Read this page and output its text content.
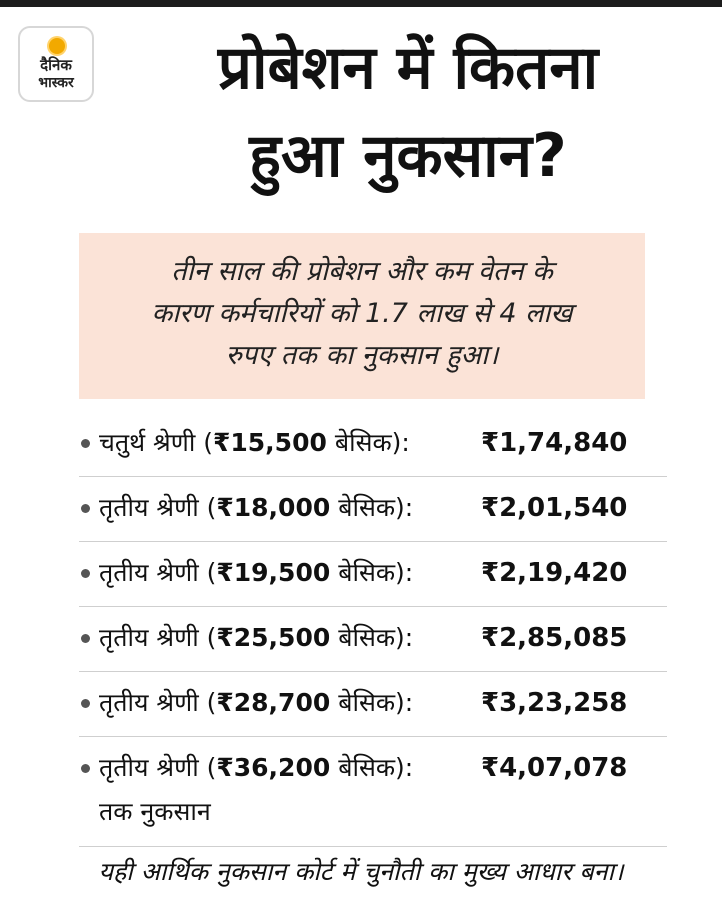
दैनिक
भास्कर	प्रोबेशन में कितना
हुआ नुकसान?
तीन साल की प्रोबेशन और कम वेतन के
कारण कर्मचारियों को 1.7 लाख से 4 लाख
रुपए तक का नुकसान हुआ।
चतुर्थ श्रेणी (₹15,500 बेसिक):	₹1,74,840
तृतीय श्रेणी (₹18,000 बेसिक):	₹2,01,540
तृतीय श्रेणी (₹19,500 बेसिक):	₹2,19,420
तृतीय श्रेणी (₹25,500 बेसिक):	₹2,85,085
तृतीय श्रेणी (₹28,700 बेसिक):	₹3,23,258
तृतीय श्रेणी (₹36,200 बेसिक):	₹4,07,078
तक नुकसान
यही आर्थिक नुकसान कोर्ट में चुनौती का मुख्य आधार बना।
